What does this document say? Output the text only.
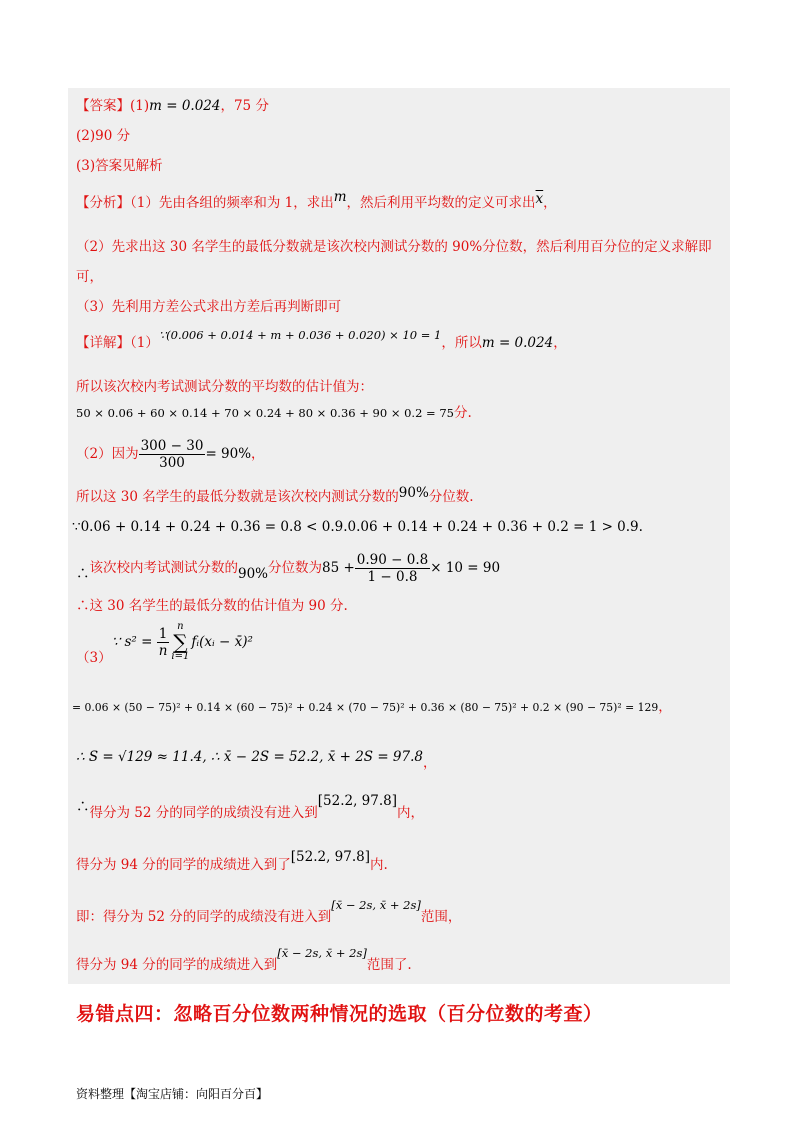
【答案】(1)m = 0.024，75 分
(2)90 分
(3)答案见解析
【分析】（1）先由各组的频率和为 1，求出m，然后利用平均数的定义可求出$\overline{x}$，
（2）先求出这 30 名学生的最低分数就是该次校内测试分数的 90%分位数，然后利用百分位的定义求解即
可，
（3）先利用方差公式求出方差后再判断即可
【详解】（1）∵(0.006 + 0.014 + m + 0.036 + 0.020) × 10 = 1，所以m = 0.024，
所以该次校内考试测试分数的平均数的估计值为：
50 × 0.06 + 60 × 0.14 + 70 × 0.24 + 80 × 0.36 + 90 × 0.2 = 75分.
（2）因为 $\frac{300 - 30}{300} = 90\%$，
所以这 30 名学生的最低分数就是该次校内测试分数的90%分位数.
∵0.06 + 0.14 + 0.24 + 0.36 = 0.8 < 0.9.0.06 + 0.14 + 0.24 + 0.36 + 0.2 = 1 > 0.9.
∴该次校内考试测试分数的90%分位数为$85 + \frac{0.90 - 0.8}{1 - 0.8} \times 10 = 90$
∴这 30 名学生的最低分数的估计值为 90 分.
（3）∵ $s^2 = \frac{1}{n}$ n
∑
i=1
fᵢ(xᵢ − x̄)²
= 0.06 × (50 − 75)² + 0.14 × (60 − 75)² + 0.24 × (70 − 75)² + 0.36 × (80 − 75)² + 0.2 × (90 − 75)² = 129，
∴ S = √129 ≈ 11.4, ∴ x̄ − 2S = 52.2, x̄ + 2S = 97.8，
∴得分为 52 分的同学的成绩没有进入到[52.2, 97.8]内，
得分为 94 分的同学的成绩进入到了[52.2, 97.8]内.
即：得分为 52 分的同学的成绩没有进入到[x̄ − 2s, x̄ + 2s]范围，
得分为 94 分的同学的成绩进入到[x̄ − 2s, x̄ + 2s]范围了.
易错点四：忽略百分位数两种情况的选取（百分位数的考查）
资料整理【淘宝店铺：向阳百分百】
